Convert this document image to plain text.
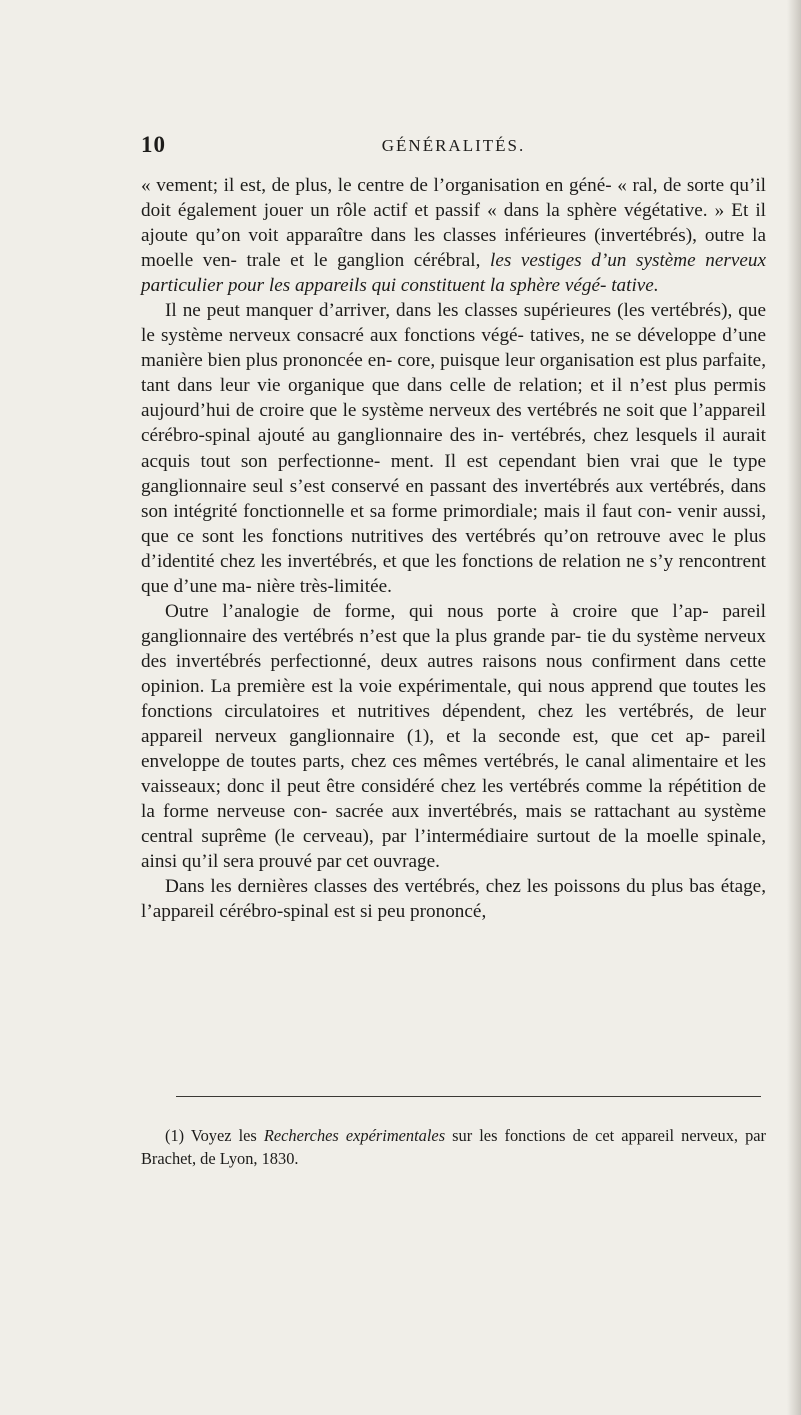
10	GÉNÉRALITÉS.

« vement; il est, de plus, le centre de l’organisation en géné- « ral, de sorte qu’il doit également jouer un rôle actif et passif « dans la sphère végétative. » Et il ajoute qu’on voit apparaître dans les classes inférieures (invertébrés), outre la moelle ven- trale et le ganglion cérébral, les vestiges d’un système nerveux particulier pour les appareils qui constituent la sphère végé- tative.

Il ne peut manquer d’arriver, dans les classes supérieures (les vertébrés), que le système nerveux consacré aux fonctions végé- tatives, ne se développe d’une manière bien plus prononcée en- core, puisque leur organisation est plus parfaite, tant dans leur vie organique que dans celle de relation; et il n’est plus permis aujourd’hui de croire que le système nerveux des vertébrés ne soit que l’appareil cérébro-spinal ajouté au ganglionnaire des in- vertébrés, chez lesquels il aurait acquis tout son perfectionne- ment. Il est cependant bien vrai que le type ganglionnaire seul s’est conservé en passant des invertébrés aux vertébrés, dans son intégrité fonctionnelle et sa forme primordiale; mais il faut con- venir aussi, que ce sont les fonctions nutritives des vertébrés qu’on retrouve avec le plus d’identité chez les invertébrés, et que les fonctions de relation ne s’y rencontrent que d’une ma- nière très-limitée.

Outre l’analogie de forme, qui nous porte à croire que l’ap- pareil ganglionnaire des vertébrés n’est que la plus grande par- tie du système nerveux des invertébrés perfectionné, deux autres raisons nous confirment dans cette opinion. La première est la voie expérimentale, qui nous apprend que toutes les fonctions circulatoires et nutritives dépendent, chez les vertébrés, de leur appareil nerveux ganglionnaire (1), et la seconde est, que cet ap- pareil enveloppe de toutes parts, chez ces mêmes vertébrés, le canal alimentaire et les vaisseaux; donc il peut être considéré chez les vertébrés comme la répétition de la forme nerveuse con- sacrée aux invertébrés, mais se rattachant au système central suprême (le cerveau), par l’intermédiaire surtout de la moelle spinale, ainsi qu’il sera prouvé par cet ouvrage.

Dans les dernières classes des vertébrés, chez les poissons du plus bas étage, l’appareil cérébro-spinal est si peu prononcé,

(1) Voyez les Recherches expérimentales sur les fonctions de cet appareil nerveux, par Brachet, de Lyon, 1830.
